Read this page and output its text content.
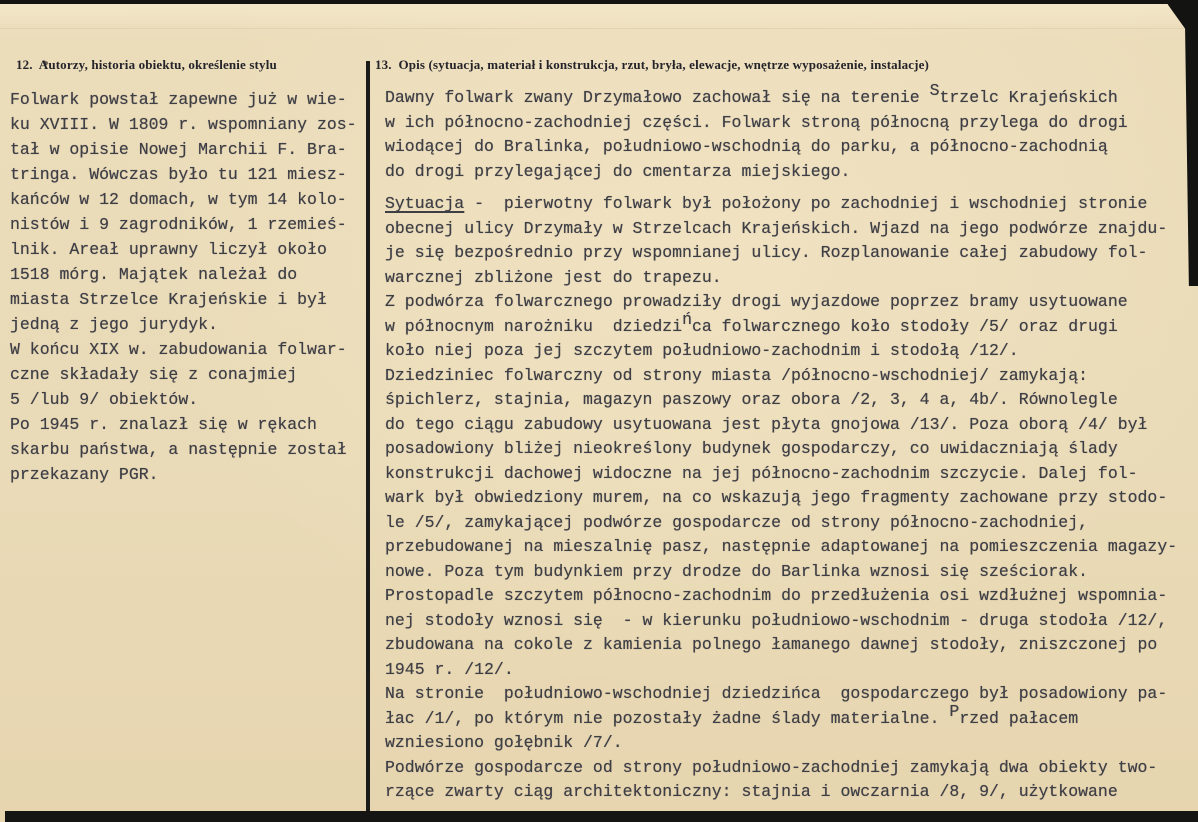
12.  Autorzy, historia obiektu, określenie stylu	13.  Opis (sytuacja, materiał i konstrukcja, rzut, bryła, elewacje, wnętrze wyposażenie, instalacje)
Folwark powstał zapewne już w wie-
ku XVIII. W 1809 r. wspomniany zos-
tał w opisie Nowej Marchii F. Bra-
tringa. Wówczas było tu 121 miesz-
kańców w 12 domach, w tym 14 kolo-
nistów i 9 zagrodników, 1 rzemieś-
lnik. Areał uprawny liczył około
1518 mórg. Majątek należał do
miasta Strzelce Krajeńskie i był
jedną z jego jurydyk.
W końcu XIX w. zabudowania folwar-
czne składały się z conajmiej
5 /lub 9/ obiektów.
Po 1945 r. znalazł się w rękach
skarbu państwa, a następnie został
przekazany PGR.
Dawny folwark zwany Drzymałowo zachował się na terenie Strzelc Krajeńskich
w ich północno-zachodniej części. Folwark stroną północną przylega do drogi
wiodącej do Bralinka, południowo-wschodnią do parku, a północno-zachodnią
do drogi przylegającej do cmentarza miejskiego.
Sytuacja -  pierwotny folwark był położony po zachodniej i wschodniej stronie
obecnej ulicy Drzymały w Strzelcach Krajeńskich. Wjazd na jego podwórze znajdu-
je się bezpośrednio przy wspomnianej ulicy. Rozplanowanie całej zabudowy fol-
warcznej zbliżone jest do trapezu.
Z podwórza folwarcznego prowadziły drogi wyjazdowe poprzez bramy usytuowane
w północnym narożniku  dziedzińca folwarcznego koło stodoły /5/ oraz drugi
koło niej poza jej szczytem południowo-zachodnim i stodołą /12/.
Dziedziniec folwarczny od strony miasta /północno-wschodniej/ zamykają:
śpichlerz, stajnia, magazyn paszowy oraz obora /2, 3, 4 a, 4b/. Równolegle
do tego ciągu zabudowy usytuowana jest płyta gnojowa /13/. Poza oborą /4/ był
posadowiony bliżej nieokreślony budynek gospodarczy, co uwidaczniają ślady
konstrukcji dachowej widoczne na jej północno-zachodnim szczycie. Dalej fol-
wark był obwiedziony murem, na co wskazują jego fragmenty zachowane przy stodo-
le /5/, zamykającej podwórze gospodarcze od strony północno-zachodniej,
przebudowanej na mieszalnię pasz, następnie adaptowanej na pomieszczenia magazy-
nowe. Poza tym budynkiem przy drodze do Barlinka wznosi się sześciorak.
Prostopadle szczytem północno-zachodnim do przedłużenia osi wzdłużnej wspomnia-
nej stodoły wznosi się  - w kierunku południowo-wschodnim - druga stodoła /12/,
zbudowana na cokole z kamienia polnego łamanego dawnej stodoły, zniszczonej po
1945 r. /12/.
Na stronie  południowo-wschodniej dziedzińca  gospodarczego był posadowiony pa-
łac /1/, po którym nie pozostały żadne ślady materialne. Przed pałacem
wzniesiono gołębnik /7/.
Podwórze gospodarcze od strony południowo-zachodniej zamykają dwa obiekty two-
rzące zwarty ciąg architektoniczny: stajnia i owczarnia /8, 9/, użytkowane
